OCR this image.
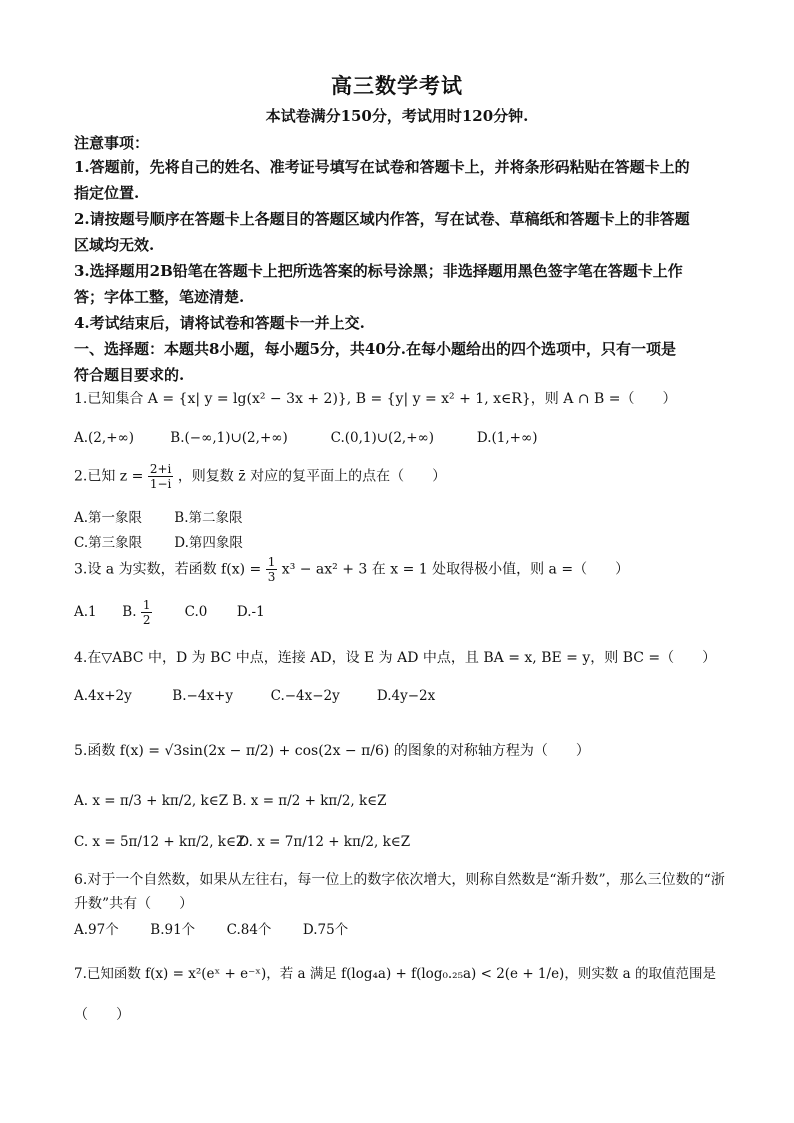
高三数学考试
本试卷满分150分，考试用时120分钟.
注意事项：
1.答题前，先将自己的姓名、准考证号填写在试卷和答题卡上，并将条形码粘贴在答题卡上的
指定位置.
2.请按题号顺序在答题卡上各题目的答题区域内作答，写在试卷、草稿纸和答题卡上的非答题
区域均无效.
3.选择题用2B铅笔在答题卡上把所选答案的标号涂黑；非选择题用黑色签字笔在答题卡上作
答；字体工整，笔迹清楚.
4.考试结束后，请将试卷和答题卡一并上交.
一、选择题：本题共8小题，每小题5分，共40分.在每小题给出的四个选项中，只有一项是
符合题目要求的.
1.已知集合 A = {x| y = lg(x² − 3x + 2)}, B = {y| y = x² + 1, x∈R}，则 A ∩ B =（　　）
A.(2,+∞)	B.(−∞,1)∪(2,+∞)	C.(0,1)∪(2,+∞)	D.(1,+∞)
2.已知 $z = \frac{2+i}{1-i}$ ，则复数 z̄ 对应的复平面上的点在（　　）
A.第一象限 B.第二象限
C.第三象限 D.第四象限
3.设 a 为实数，若函数 $f(x) = \frac{1}{3} x^3 - ax^2 + 3$ 在 x = 1 处取得极小值，则 a =（　　）
A.1 B. $\frac{1}{2} C.0$ D.-1
4.在▽ABC 中，D 为 BC 中点，连接 AD，设 E 为 AD 中点，且 BA = x, BE = y，则 BC =（　　）
A.4x+2y	B.−4x+y	C.−4x−2y	D.4y−2x
5.函数 f(x) = √3sin(2x − π/2) + cos(2x − π/6) 的图象的对称轴方程为（　　）
A. x = π/3 + kπ/2, k∈Z B. x = π/2 + kπ/2, k∈Z
C. x = 5π/12 + kπ/2, k∈Z D. x = 7π/12 + kπ/2, k∈Z
6.对于一个自然数，如果从左往右，每一位上的数字依次增大，则称自然数是“渐升数”，那么三位数的“浙
升数”共有（　　）
A.97个 B.91个 C.84个 D.75个
7.已知函数 f(x) = x²(eˣ + e⁻ˣ)，若 a 满足 f(log₄a) + f(log₀.₂₅a) < 2(e + 1/e)，则实数 a 的取值范围是
（　　）
